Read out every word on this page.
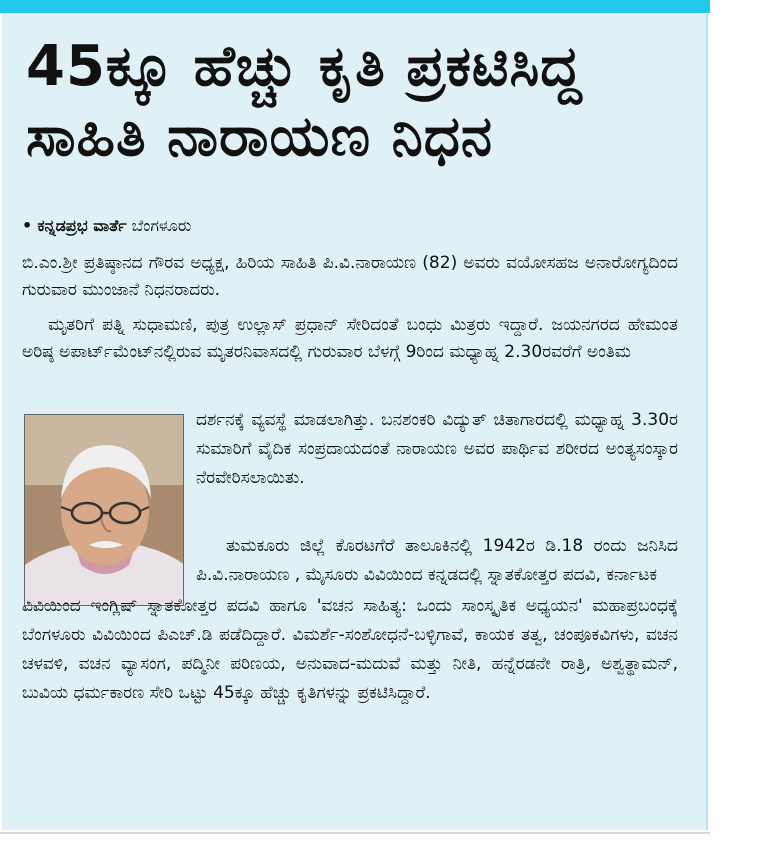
45ಕ್ಕೂ ಹೆಚ್ಚು ಕೃತಿ ಪ್ರಕಟಿಸಿದ್ದ ಸಾಹಿತಿ ನಾರಾಯಣ ನಿಧನ
• ಕನ್ನಡಪ್ರಭ ವಾರ್ತೆ ಬೆಂಗಳೂರು

ಬಿ.ಎಂ.ಶ್ರೀ ಪ್ರತಿಷ್ಠಾನದ ಗೌರವ ಅಧ್ಯಕ್ಷ, ಹಿರಿಯ ಸಾಹಿತಿ ಪಿ.ವಿ.ನಾರಾಯಣ (82) ಅವರು ವಯೋಸಹಜ ಅನಾರೋಗ್ಯದಿಂದ ಗುರುವಾರ ಮುಂಜಾನೆ ನಿಧನರಾದರು.

ಮೃತರಿಗೆ ಪತ್ನಿ ಸುಧಾಮಣಿ, ಪುತ್ರ ಉಲ್ಲಾಸ್ ಪ್ರಧಾನ್ ಸೇರಿದಂತೆ ಬಂಧು ಮಿತ್ರರು ಇದ್ದಾರೆ. ಜಯನಗರದ ಹೇಮಂತ ಅರಿಷ್ಠ ಅಪಾರ್ಟ್‌ಮೆಂಟ್‌ನಲ್ಲಿರುವ ಮೃತರನಿವಾಸದಲ್ಲಿ ಗುರುವಾರ ಬೆಳಗ್ಗೆ 9ರಿಂದ ಮಧ್ಯಾಹ್ನ 2.30ರವರೆಗೆ ಅಂತಿಮ

ದರ್ಶನಕ್ಕೆ ವ್ಯವಸ್ಥೆ ಮಾಡಲಾಗಿತ್ತು. ಬನಶಂಕರಿ ವಿದ್ಯುತ್ ಚಿತಾಗಾರದಲ್ಲಿ ಮಧ್ಯಾಹ್ನ 3.30ರ ಸುಮಾರಿಗೆ ವೈದಿಕ ಸಂಪ್ರದಾಯದಂತೆ ನಾರಾಯಣ ಅವರ ಪಾರ್ಥಿವ ಶರೀರದ ಅಂತ್ಯಸಂಸ್ಕಾರ ನೆರವೇರಿಸಲಾಯಿತು.

ತುಮಕೂರು ಜಿಲ್ಲೆ ಕೊರಟಗೆರೆ ತಾಲೂಕಿನಲ್ಲಿ 1942ರ ಡಿ.18 ರಂದು ಜನಿಸಿದ ಪಿ.ವಿ.ನಾರಾಯಣ , ಮೈಸೂರು ವಿವಿಯಿಂದ ಕನ್ನಡದಲ್ಲಿ ಸ್ನಾತಕೋತ್ತರ ಪದವಿ, ಕರ್ನಾಟಕ

ವಿವಿಯಿಂದ ಇಂಗ್ಲಿಷ್ ಸ್ನಾತಕೋತ್ತರ ಪದವಿ ಹಾಗೂ 'ವಚನ ಸಾಹಿತ್ಯ: ಒಂದು ಸಾಂಸ್ಕೃತಿಕ ಅಧ್ಯಯನ' ಮಹಾಪ್ರಬಂಧಕ್ಕೆ ಬೆಂಗಳೂರು ವಿವಿಯಿಂದ ಪಿಎಚ್.ಡಿ ಪಡೆದಿದ್ದಾರೆ. ವಿಮರ್ಶೆ-ಸಂಶೋಧನೆ-ಬಳ್ಳಿಗಾವೆ, ಕಾಯಕ ತತ್ವ, ಚಂಪೂಕವಿಗಳು, ವಚನ ಚಳವಳಿ, ವಚನ ವ್ಯಾಸಂಗ, ಪದ್ಮಿನೀ ಪರಿಣಯ, ಅನುವಾದ-ಮದುವೆ ಮತ್ತು ನೀತಿ, ಹನ್ನೆರಡನೇ ರಾತ್ರಿ, ಅಶ್ವತ್ಥಾಮನ್, ಬುವಿಯ ಧರ್ಮಕಾರಣ ಸೇರಿ ಒಟ್ಟು 45ಕ್ಕೂ ಹೆಚ್ಚು ಕೃತಿಗಳನ್ನು ಪ್ರಕಟಿಸಿದ್ದಾರೆ.
